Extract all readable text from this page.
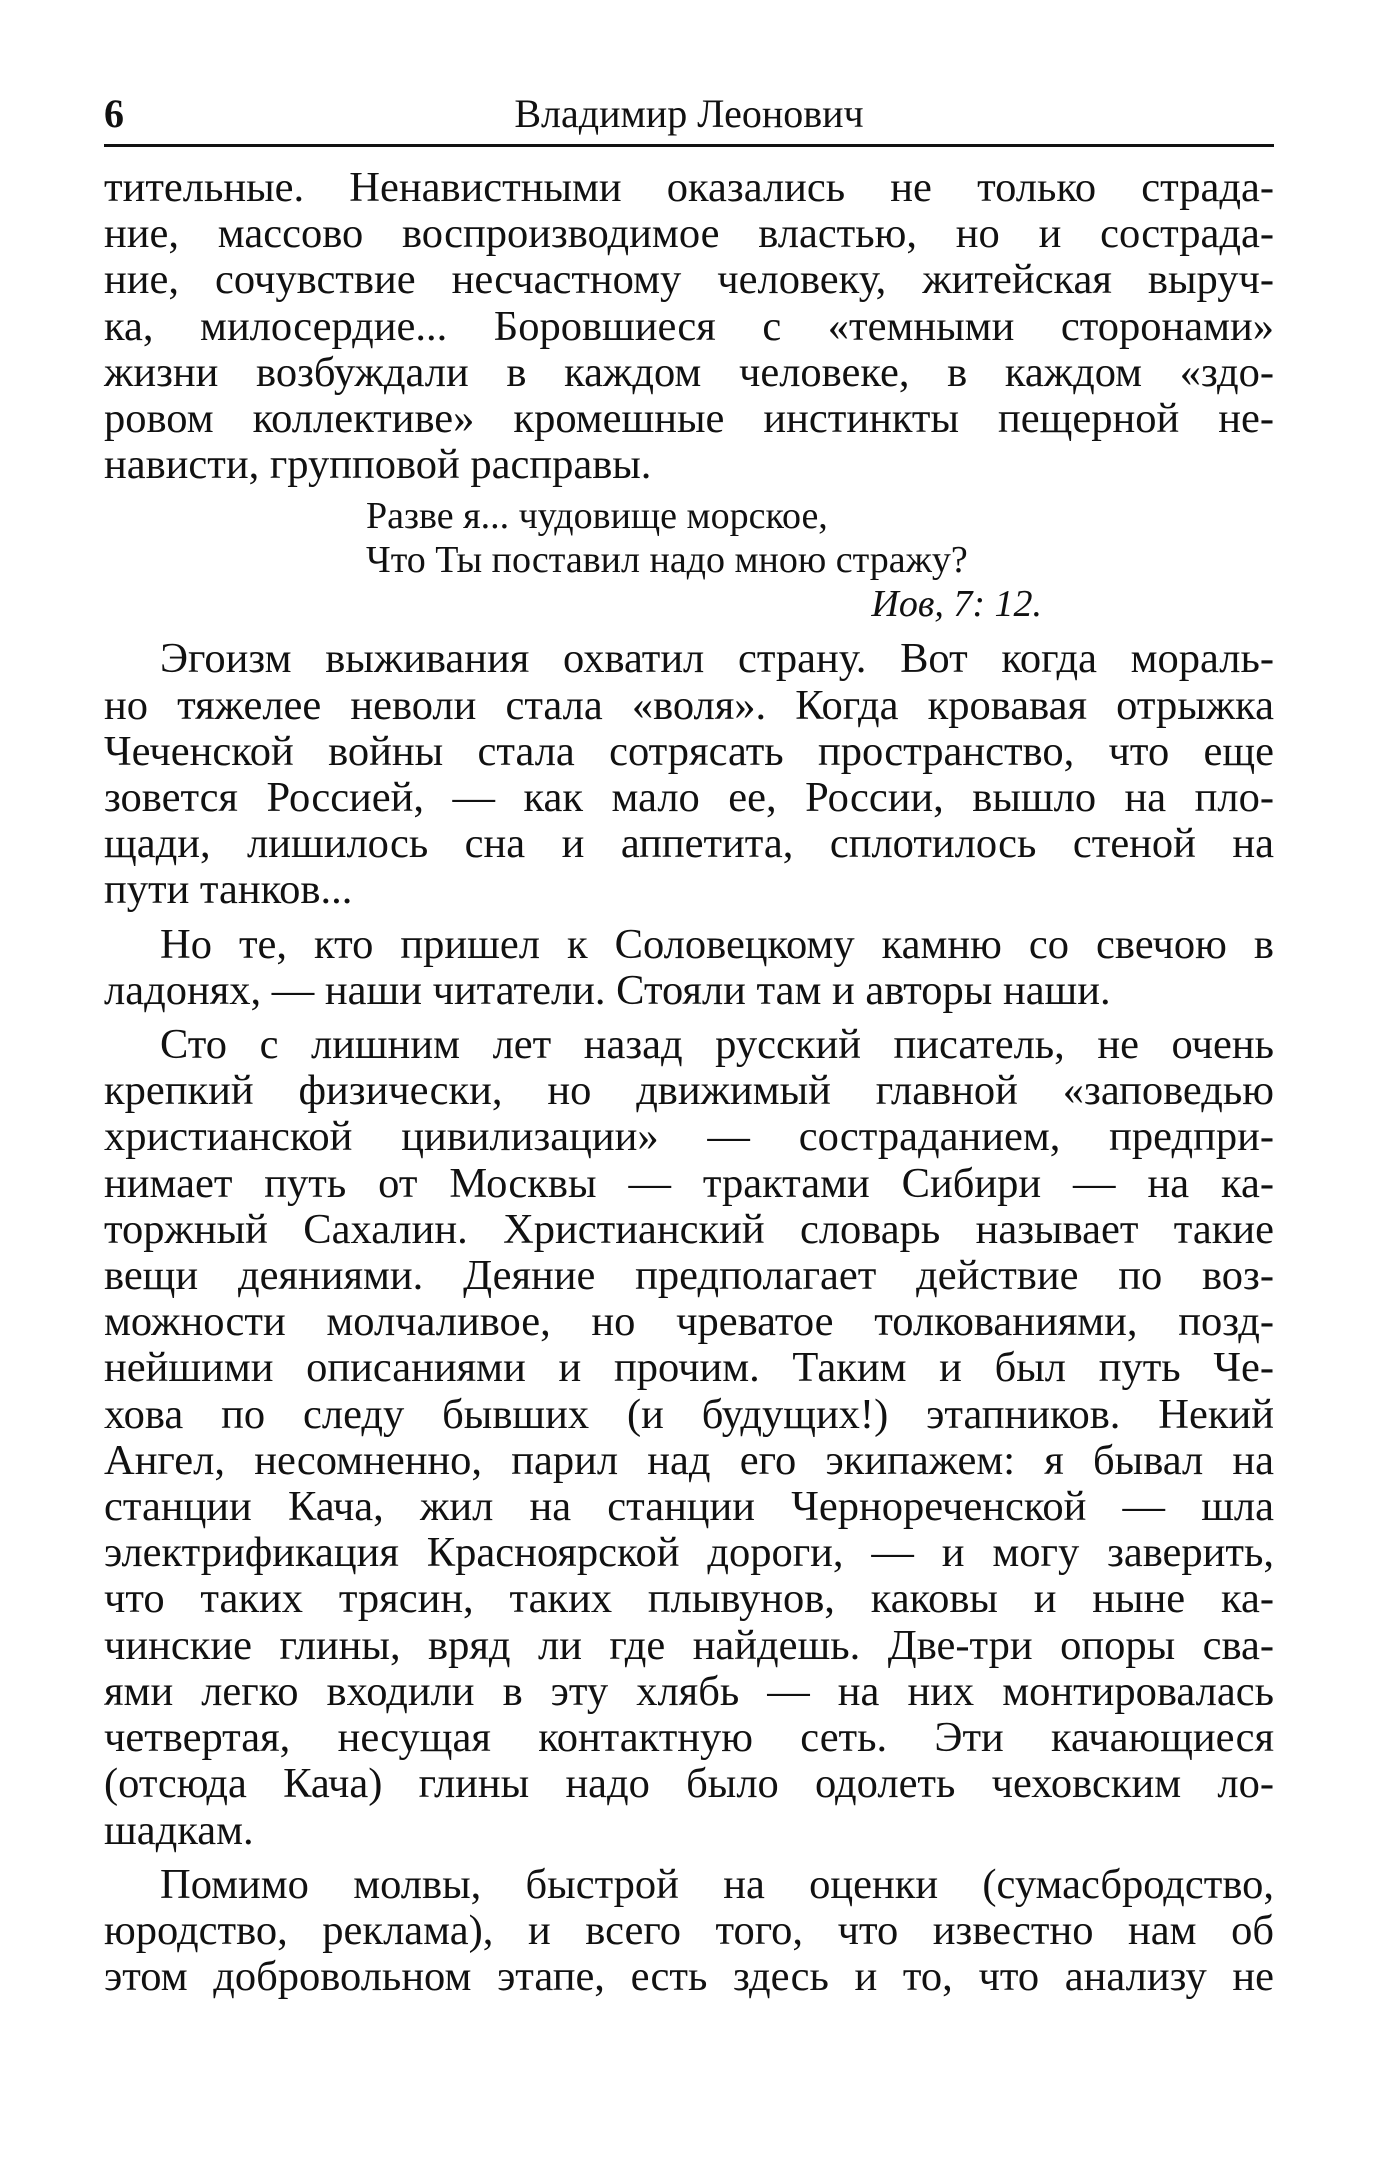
6	Владимир Леонович
тительные. Ненавистными оказались не только страда-
ние, массово воспроизводимое властью, но и сострада-
ние, сочувствие несчастному человеку, житейская выруч-
ка, милосердие... Боровшиеся с «темными сторонами»
жизни возбуждали в каждом человеке, в каждом «здо-
ровом коллективе» кромешные инстинкты пещерной не-
нависти, групповой расправы.
Разве я... чудовище морское,
Что Ты поставил надо мною стражу?
Иов, 7: 12.
Эгоизм выживания охватил страну. Вот когда мораль-
но тяжелее неволи стала «воля». Когда кровавая отрыжка
Чеченской войны стала сотрясать пространство, что еще
зовется Россией, — как мало ее, России, вышло на пло-
щади, лишилось сна и аппетита, сплотилось стеной на
пути танков...
Но те, кто пришел к Соловецкому камню со свечою в
ладонях, — наши читатели. Стояли там и авторы наши.
Сто с лишним лет назад русский писатель, не очень
крепкий физически, но движимый главной «заповедью
христианской цивилизации» — состраданием, предпри-
нимает путь от Москвы — трактами Сибири — на ка-
торжный Сахалин. Христианский словарь называет такие
вещи деяниями. Деяние предполагает действие по воз-
можности молчаливое, но чреватое толкованиями, позд-
нейшими описаниями и прочим. Таким и был путь Че-
хова по следу бывших (и будущих!) этапников. Некий
Ангел, несомненно, парил над его экипажем: я бывал на
станции Кача, жил на станции Чернореченской — шла
электрификация Красноярской дороги, — и могу заверить,
что таких трясин, таких плывунов, каковы и ныне ка-
чинские глины, вряд ли где найдешь. Две-три опоры сва-
ями легко входили в эту хлябь — на них монтировалась
четвертая, несущая контактную сеть. Эти качающиеся
(отсюда Кача) глины надо было одолеть чеховским ло-
шадкам.
Помимо молвы, быстрой на оценки (сумасбродство,
юродство, реклама), и всего того, что известно нам об
этом добровольном этапе, есть здесь и то, что анализу не
